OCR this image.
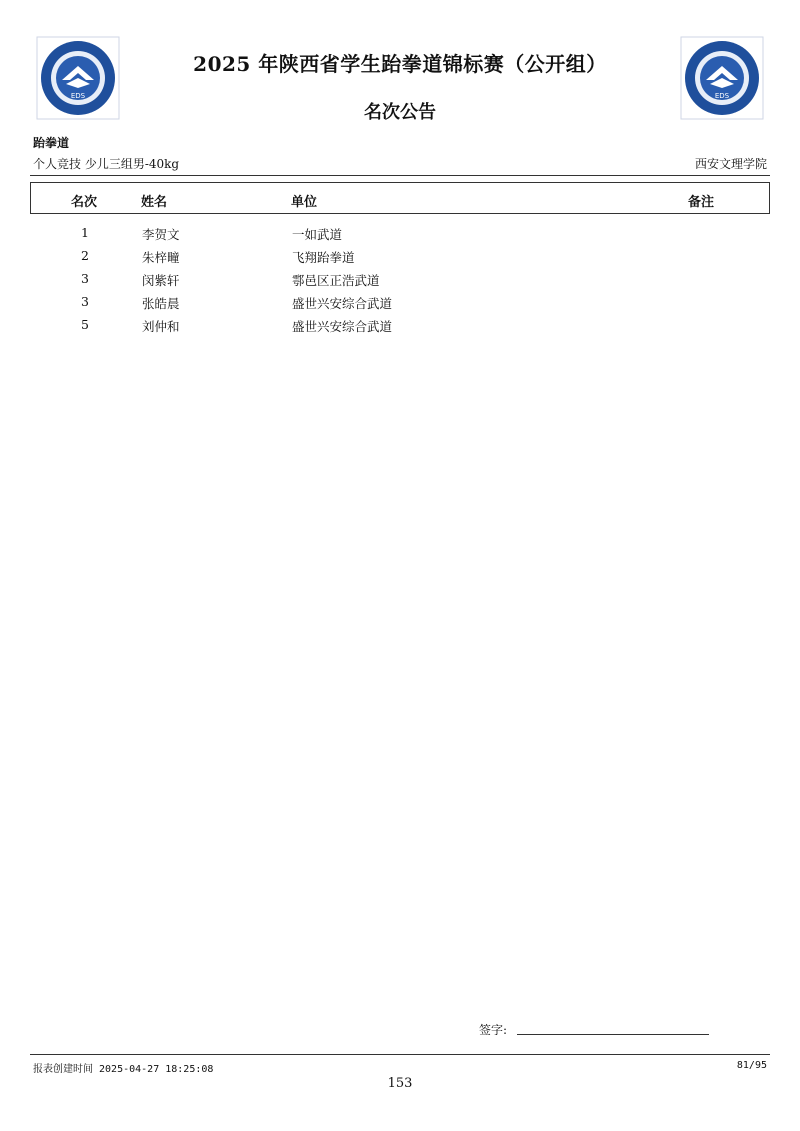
EDS	EDS
2025 年陕西省学生跆拳道锦标赛（公开组）
名次公告
跆拳道
个人竞技 少儿三组男-40kg	西安文理学院
名次	姓名	单位	备注
1	李贺文	一如武道
2	朱梓疃	飞翔跆拳道
3	闵紫轩	鄠邑区正浩武道
3	张皓晨	盛世兴安综合武道
5	刘仲和	盛世兴安综合武道
签字:
报表创建时间 2025-04-27 18:25:08	81/95
153
